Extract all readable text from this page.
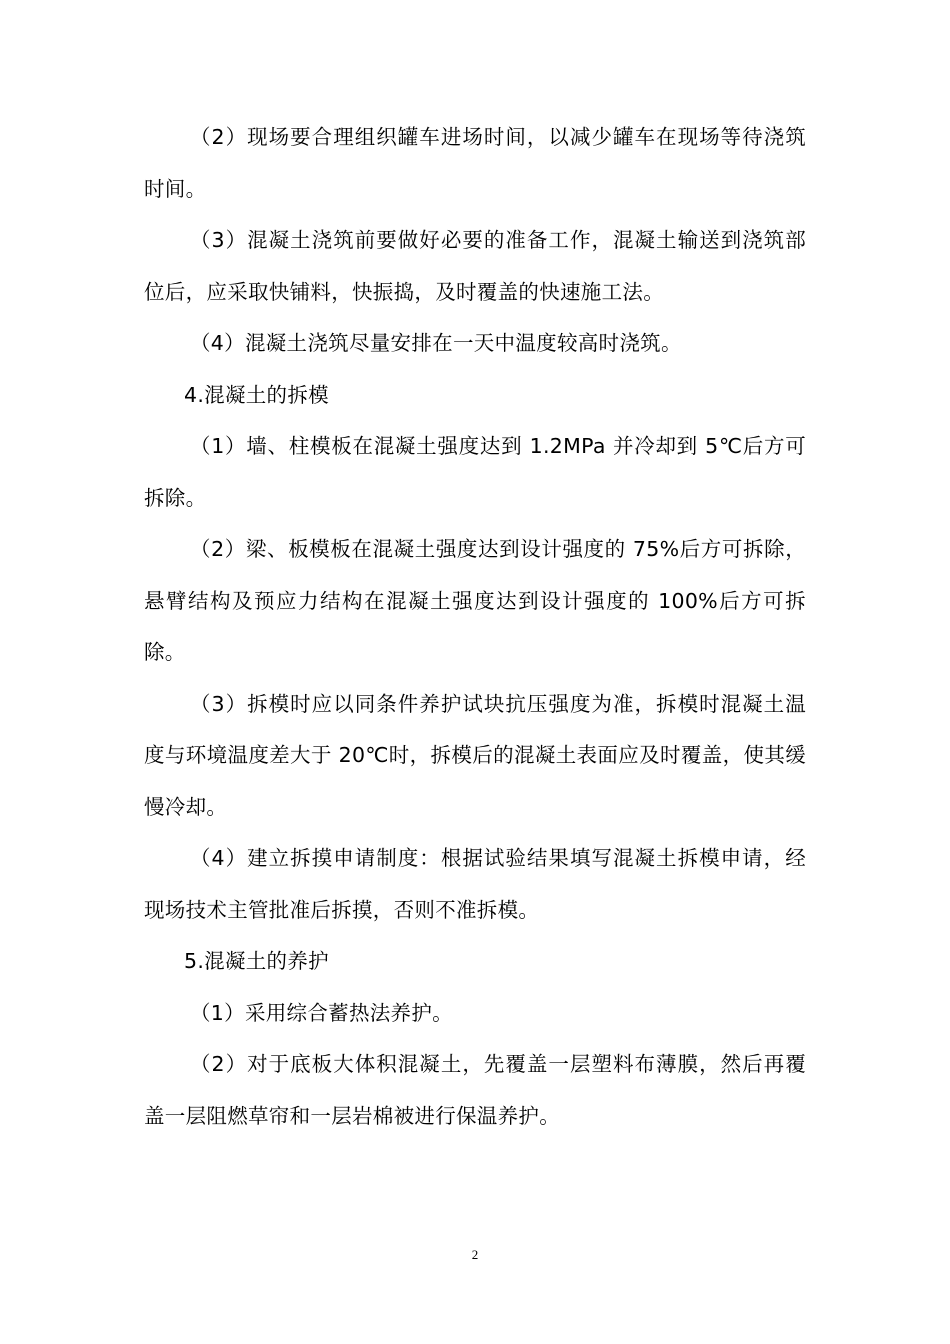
（2）现场要合理组织罐车进场时间，以减少罐车在现场等待浇筑时间。

（3）混凝土浇筑前要做好必要的准备工作，混凝土输送到浇筑部位后，应采取快铺料，快振捣，及时覆盖的快速施工法。

（4）混凝土浇筑尽量安排在一天中温度较高时浇筑。

4.混凝土的拆模

（1）墙、柱模板在混凝土强度达到 1.2MPa 并冷却到 5℃后方可拆除。

（2）梁、板模板在混凝土强度达到设计强度的 75%后方可拆除，悬臂结构及预应力结构在混凝土强度达到设计强度的 100%后方可拆除。

（3）拆模时应以同条件养护试块抗压强度为准，拆模时混凝土温度与环境温度差大于 20℃时，拆模后的混凝土表面应及时覆盖，使其缓慢冷却。

（4）建立拆摸申请制度：根据试验结果填写混凝土拆模申请，经现场技术主管批准后拆摸，否则不准拆模。

5.混凝土的养护

（1）采用综合蓄热法养护。

（2）对于底板大体积混凝土，先覆盖一层塑料布薄膜，然后再覆盖一层阻燃草帘和一层岩棉被进行保温养护。

2
